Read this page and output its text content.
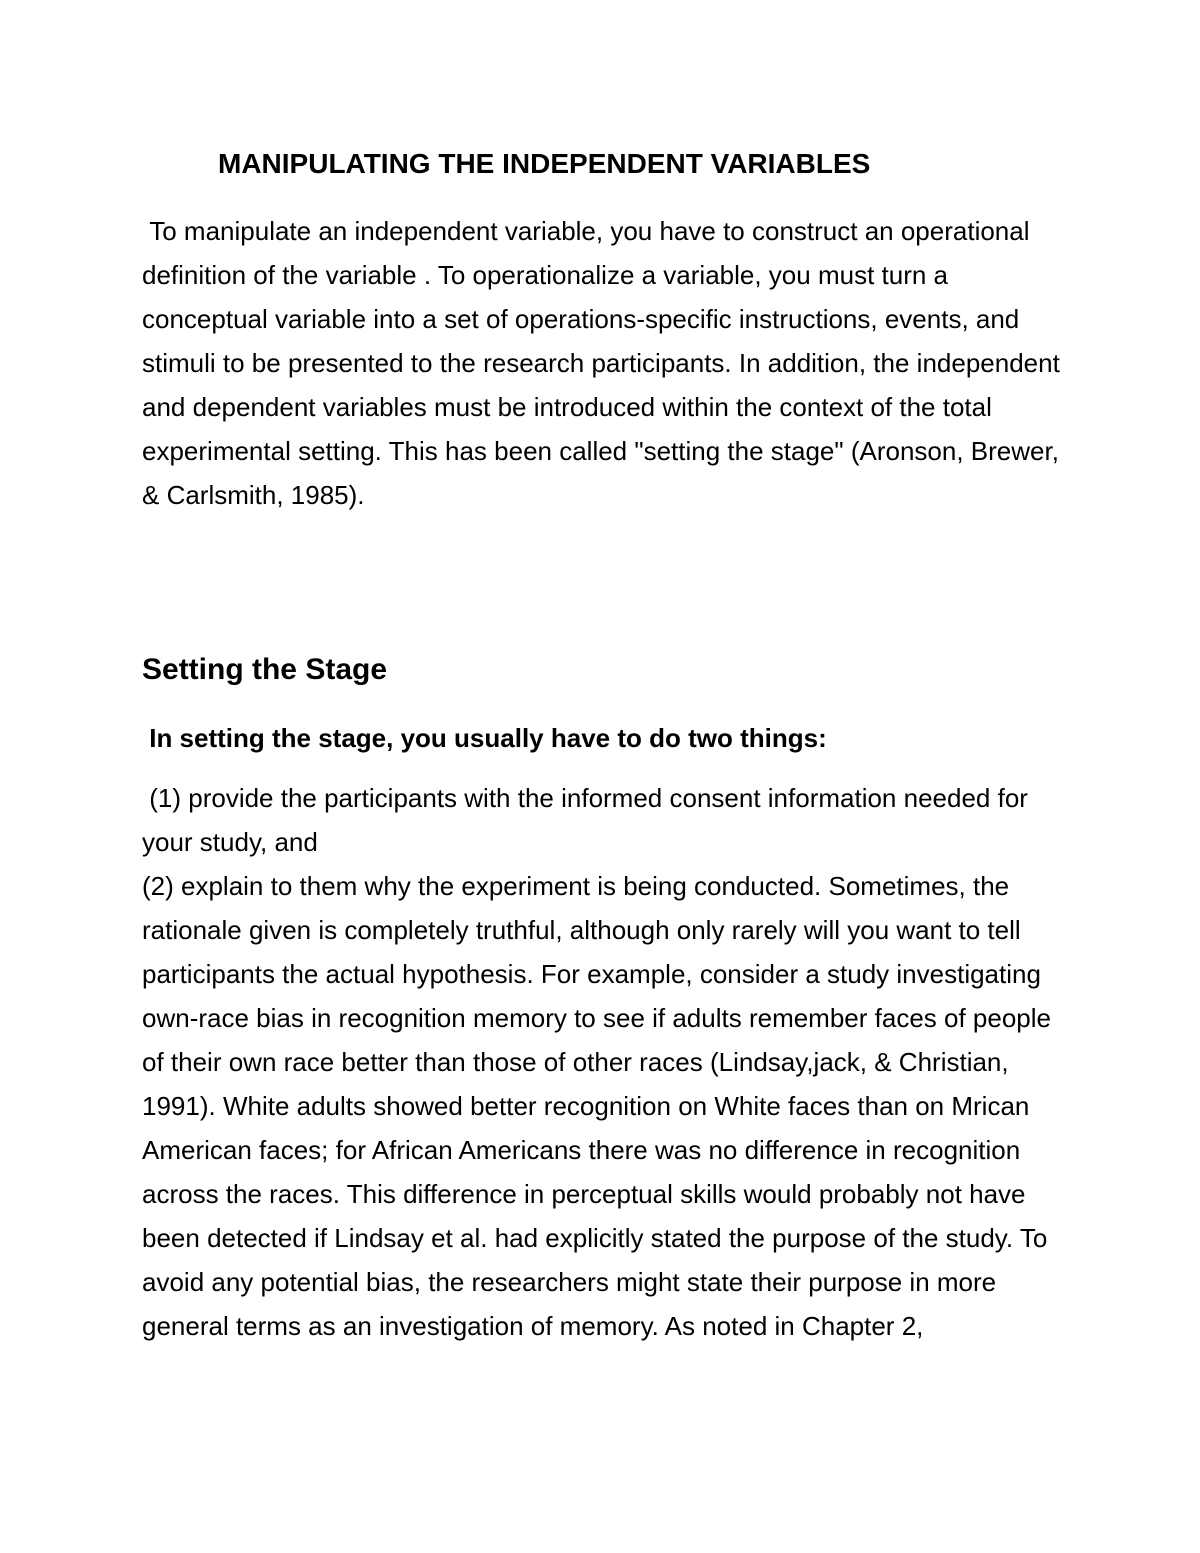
MANIPULATING THE INDEPENDENT VARIABLES

To manipulate an independent variable, you have to construct an operational definition of the variable . To operationalize a variable, you must turn a conceptual variable into a set of operations-specific instructions, events, and stimuli to be presented to the research participants. In addition, the independent and dependent variables must be introduced within the context of the total experimental setting. This has been called "setting the stage" (Aronson, Brewer, & Carlsmith, 1985).

Setting the Stage

In setting the stage, you usually have to do two things:

(1) provide the participants with the informed consent information needed for your study, and

(2) explain to them why the experiment is being conducted. Sometimes, the rationale given is completely truthful, although only rarely will you want to tell participants the actual hypothesis. For example, consider a study investigating own-race bias in recognition memory to see if adults remember faces of people of their own race better than those of other races (Lindsay,jack, & Christian, 1991). White adults showed better recognition on White faces than on Mrican American faces; for African Americans there was no difference in recognition across the races. This difference in perceptual skills would probably not have been detected if Lindsay et al. had explicitly stated the purpose of the study. To avoid any potential bias, the researchers might state their purpose in more general terms as an investigation of memory. As noted in Chapter 2,
